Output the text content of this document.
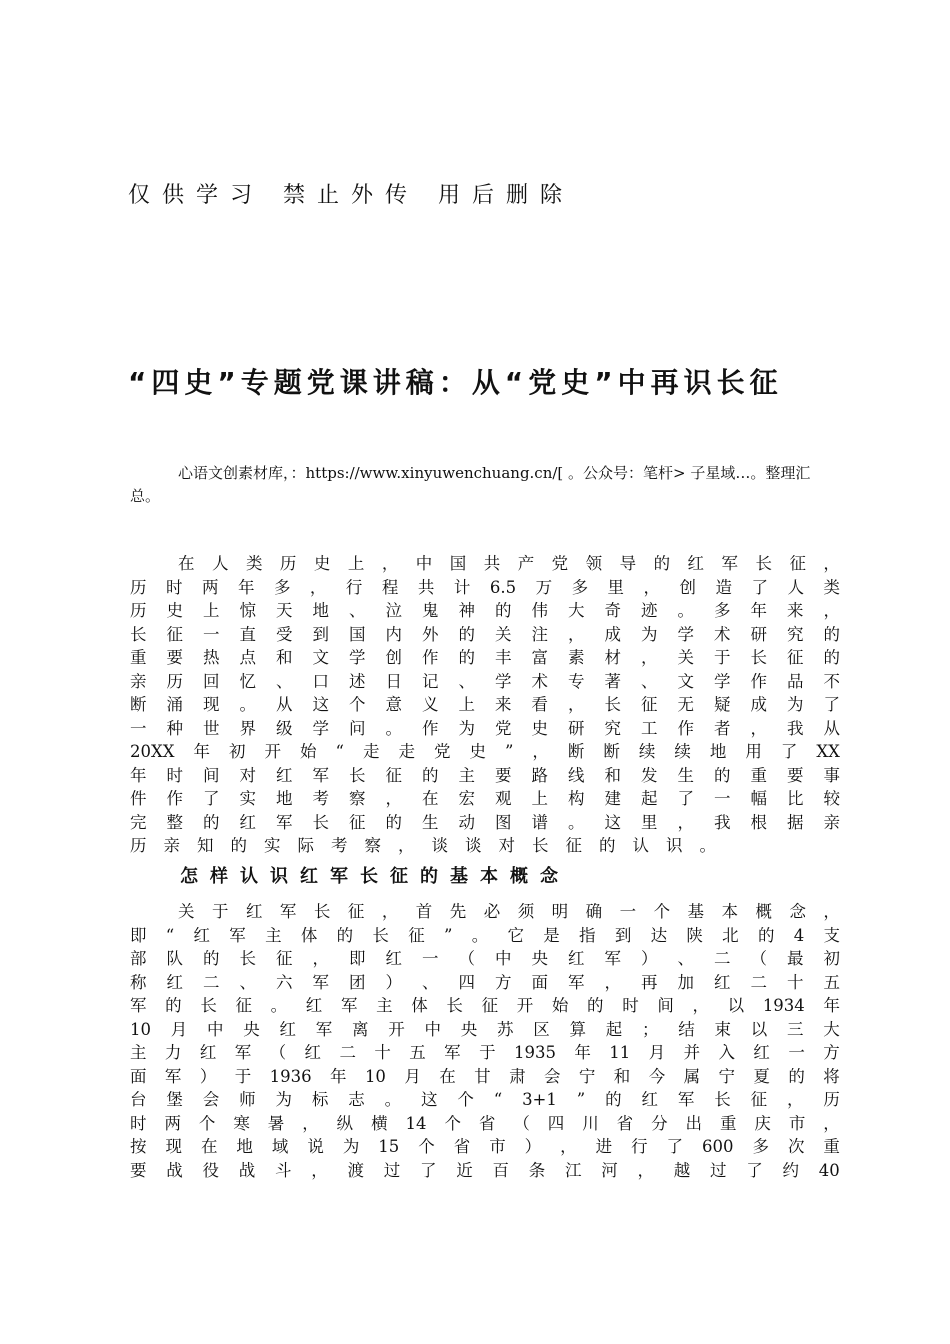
仅供学习 禁止外传 用后删除
“四史”专题党课讲稿：从“党史”中再识长征
心语文创素材库，：https://www.xinyuwenchuang.cn/[ 。公众号：笔杆> 子星域…。整理汇总。
在 人 类 历 史 上 ， 中 国 共 产 党 领 导 的 红 军 长 征 ，
历 时 两 年 多 ， 行 程 共 计 6.5 万 多 里 ， 创 造 了 人 类
历 史 上 惊 天 地 、 泣 鬼 神 的 伟 大 奇 迹 。 多 年 来 ，
长 征 一 直 受 到 国 内 外 的 关 注 ， 成 为 学 术 研 究 的
重 要 热 点 和 文 学 创 作 的 丰 富 素 材 ， 关 于 长 征 的
亲 历 回 忆 、 口 述 日 记 、 学 术 专 著 、 文 学 作 品 不
断 涌 现 。 从 这 个 意 义 上 来 看 ， 长 征 无 疑 成 为 了
一 种 世 界 级 学 问 。 作 为 党 史 研 究 工 作 者 ， 我 从
20XX 年 初 开 始 “ 走 走 党 史 ” ， 断 断 续 续 地 用 了 XX
年 时 间 对 红 军 长 征 的 主 要 路 线 和 发 生 的 重 要 事
件 作 了 实 地 考 察 ， 在 宏 观 上 构 建 起 了 一 幅 比 较
完 整 的 红 军 长 征 的 生 动 图 谱 。 这 里 ， 我 根 据 亲
历 亲 知 的 实 际 考 察 ， 谈 谈 对 长 征 的 认 识 。
怎样认识红军长征的基本概念
关 于 红 军 长 征 ， 首 先 必 须 明 确 一 个 基 本 概 念 ，
即 “ 红 军 主 体 的 长 征 ” 。 它 是 指 到 达 陕 北 的 4 支
部 队 的 长 征 ， 即 红 一 （ 中 央 红 军 ） 、 二 （ 最 初
称 红 二 、 六 军 团 ） 、 四 方 面 军 ， 再 加 红 二 十 五
军 的 长 征 。 红 军 主 体 长 征 开 始 的 时 间 ， 以 1934 年
10 月 中 央 红 军 离 开 中 央 苏 区 算 起 ； 结 束 以 三 大
主 力 红 军 （ 红 二 十 五 军 于 1935 年 11 月 并 入 红 一 方
面 军 ） 于 1936 年 10 月 在 甘 肃 会 宁 和 今 属 宁 夏 的 将
台 堡 会 师 为 标 志 。 这 个 “ 3+1 ” 的 红 军 长 征 ， 历
时 两 个 寒 暑 ， 纵 横 14 个 省 （ 四 川 省 分 出 重 庆 市 ，
按 现 在 地 域 说 为 15 个 省 市 ） ， 进 行 了 600 多 次 重
要 战 役 战 斗 ， 渡 过 了 近 百 条 江 河 ， 越 过 了 约 40
